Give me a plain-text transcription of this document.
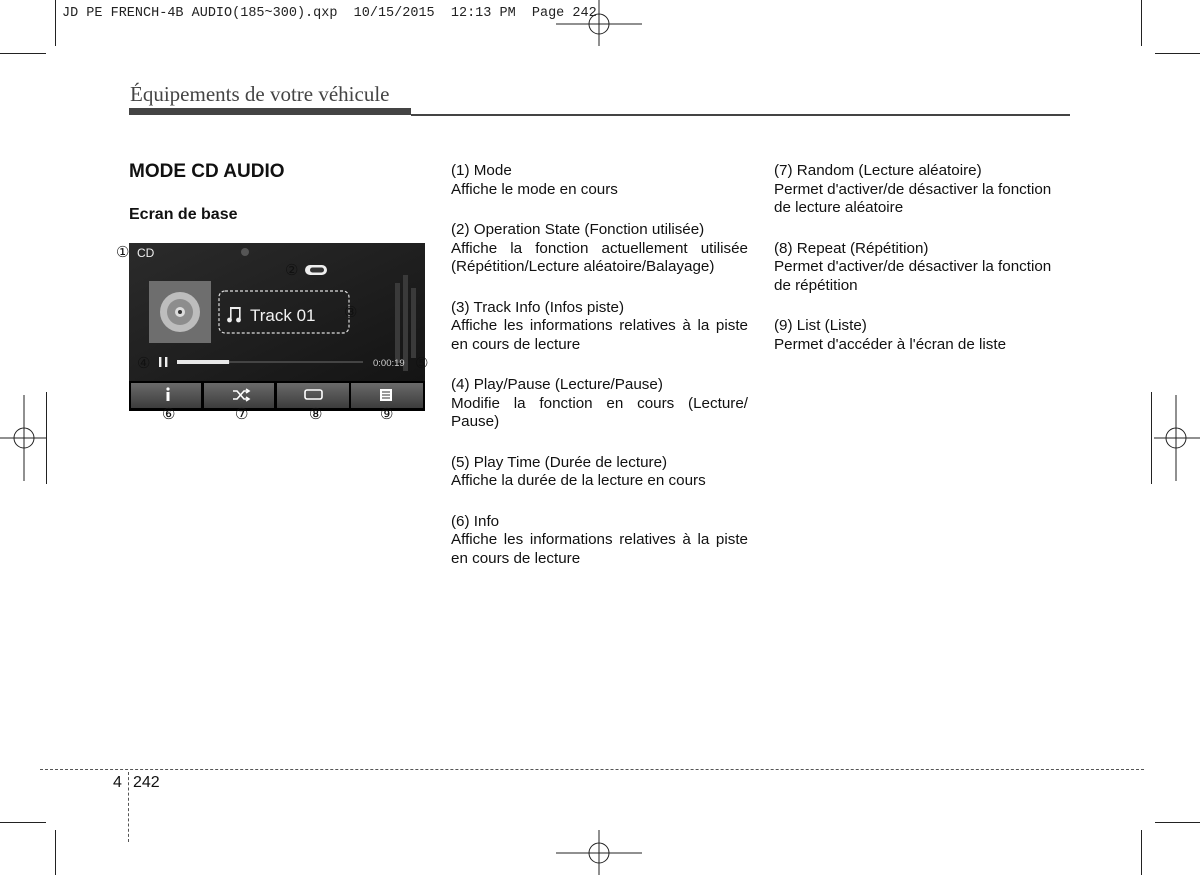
JD PE FRENCH-4B AUDIO(185~300).qxp  10/15/2015  12:13 PM  Page 242
Équipements de votre véhicule
MODE CD AUDIO
Ecran de base
CD
Track 01
0:00:19
①
②
③
④	⑤
⑥	⑦	⑧	⑨
(1) Mode
Affiche le mode en cours
(2) Operation State (Fonction utilisée)
Affiche la fonction actuellement utilisée (Répétition/Lecture aléatoire/Balayage)
(3) Track Info (Infos piste)
Affiche les informations relatives à la piste en cours de lecture
(4) Play/Pause (Lecture/Pause)
Modifie la fonction en cours (Lecture/ Pause)
(5) Play Time (Durée de lecture)
Affiche la durée de la lecture en cours
(6) Info
Affiche les informations relatives à la piste en cours de lecture
(7) Random (Lecture aléatoire)
Permet d'activer/de désactiver la fonction de lecture aléatoire
(8) Repeat (Répétition)
Permet d'activer/de désactiver la fonction de répétition
(9) List (Liste)
Permet d'accéder à l'écran de liste
4 242
